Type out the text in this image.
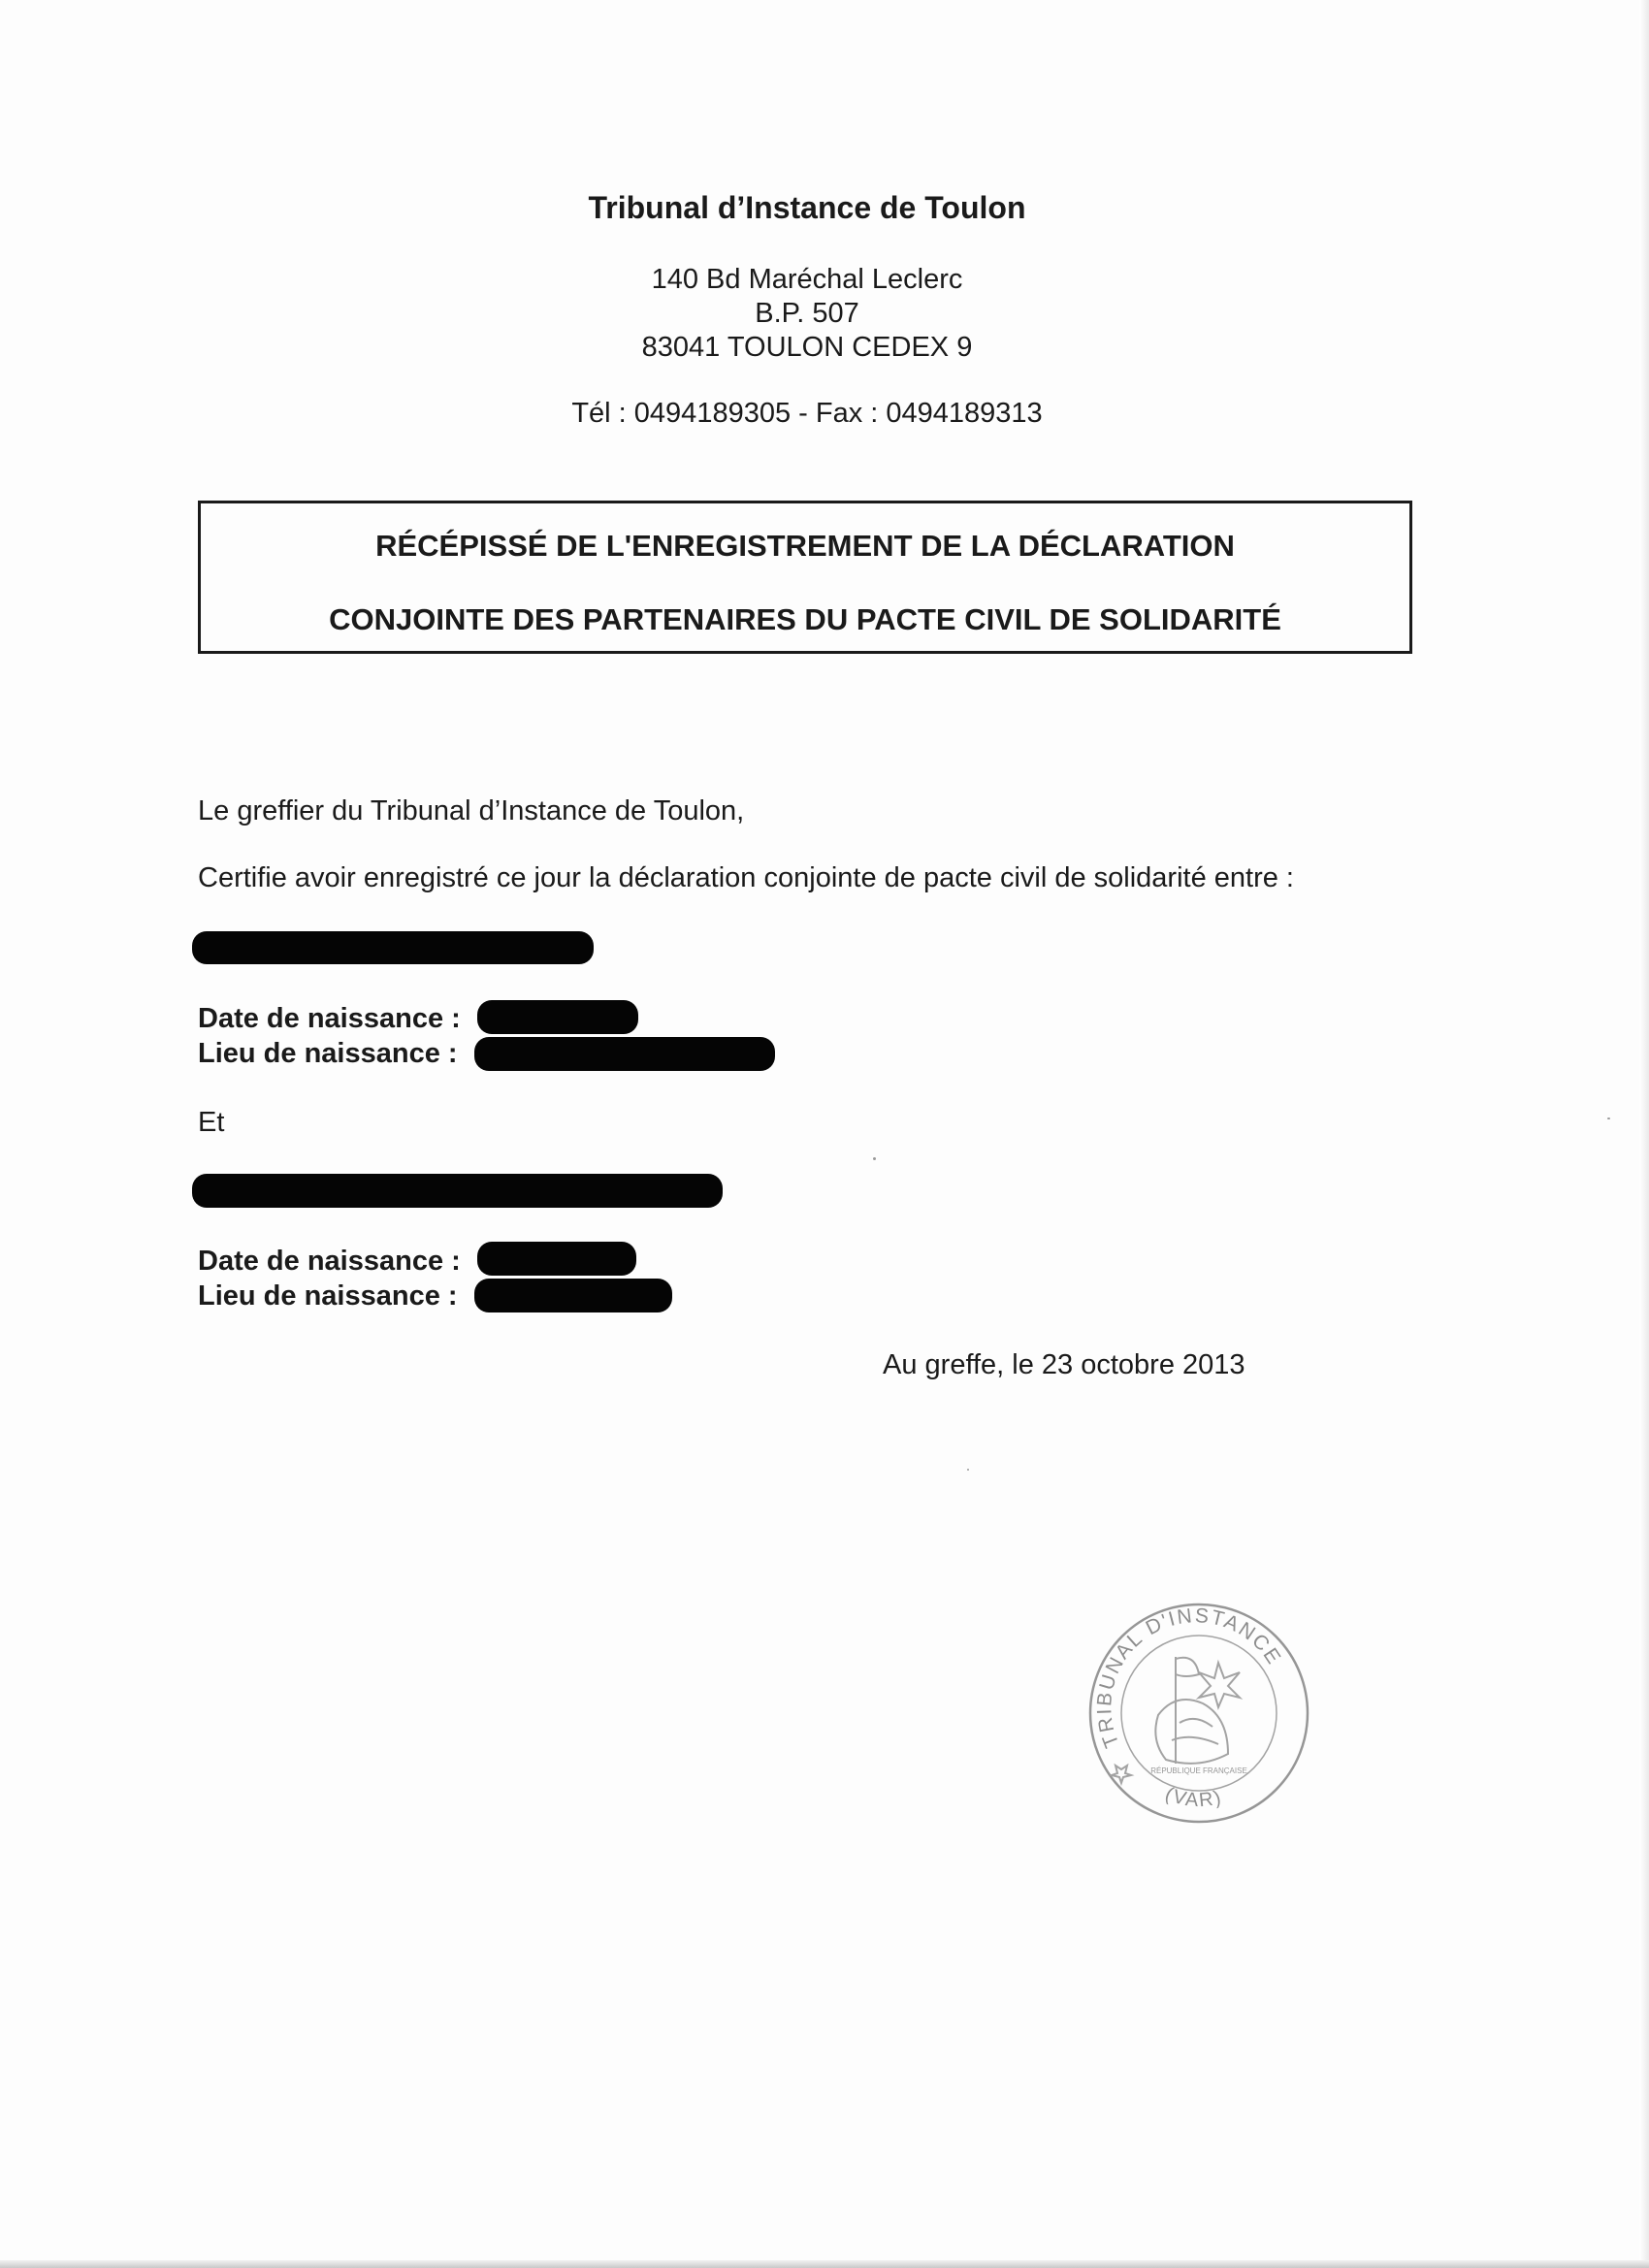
Tribunal d’Instance de Toulon
140 Bd Maréchal Leclerc
B.P. 507
83041 TOULON CEDEX 9
Tél : 0494189305 - Fax : 0494189313
RÉCÉPISSÉ DE L'ENREGISTREMENT DE LA DÉCLARATION
CONJOINTE DES PARTENAIRES DU PACTE CIVIL DE SOLIDARITÉ
Le greffier du Tribunal d’Instance de Toulon,
Certifie avoir enregistré ce jour la déclaration conjointe de pacte civil de solidarité entre :
Date de naissance :
Lieu de naissance :
Et
Date de naissance :
Lieu de naissance :
Au greffe, le 23 octobre 2013
TRIBUNAL D'INSTANCE
(VAR)
RÉPUBLIQUE FRANÇAISE
